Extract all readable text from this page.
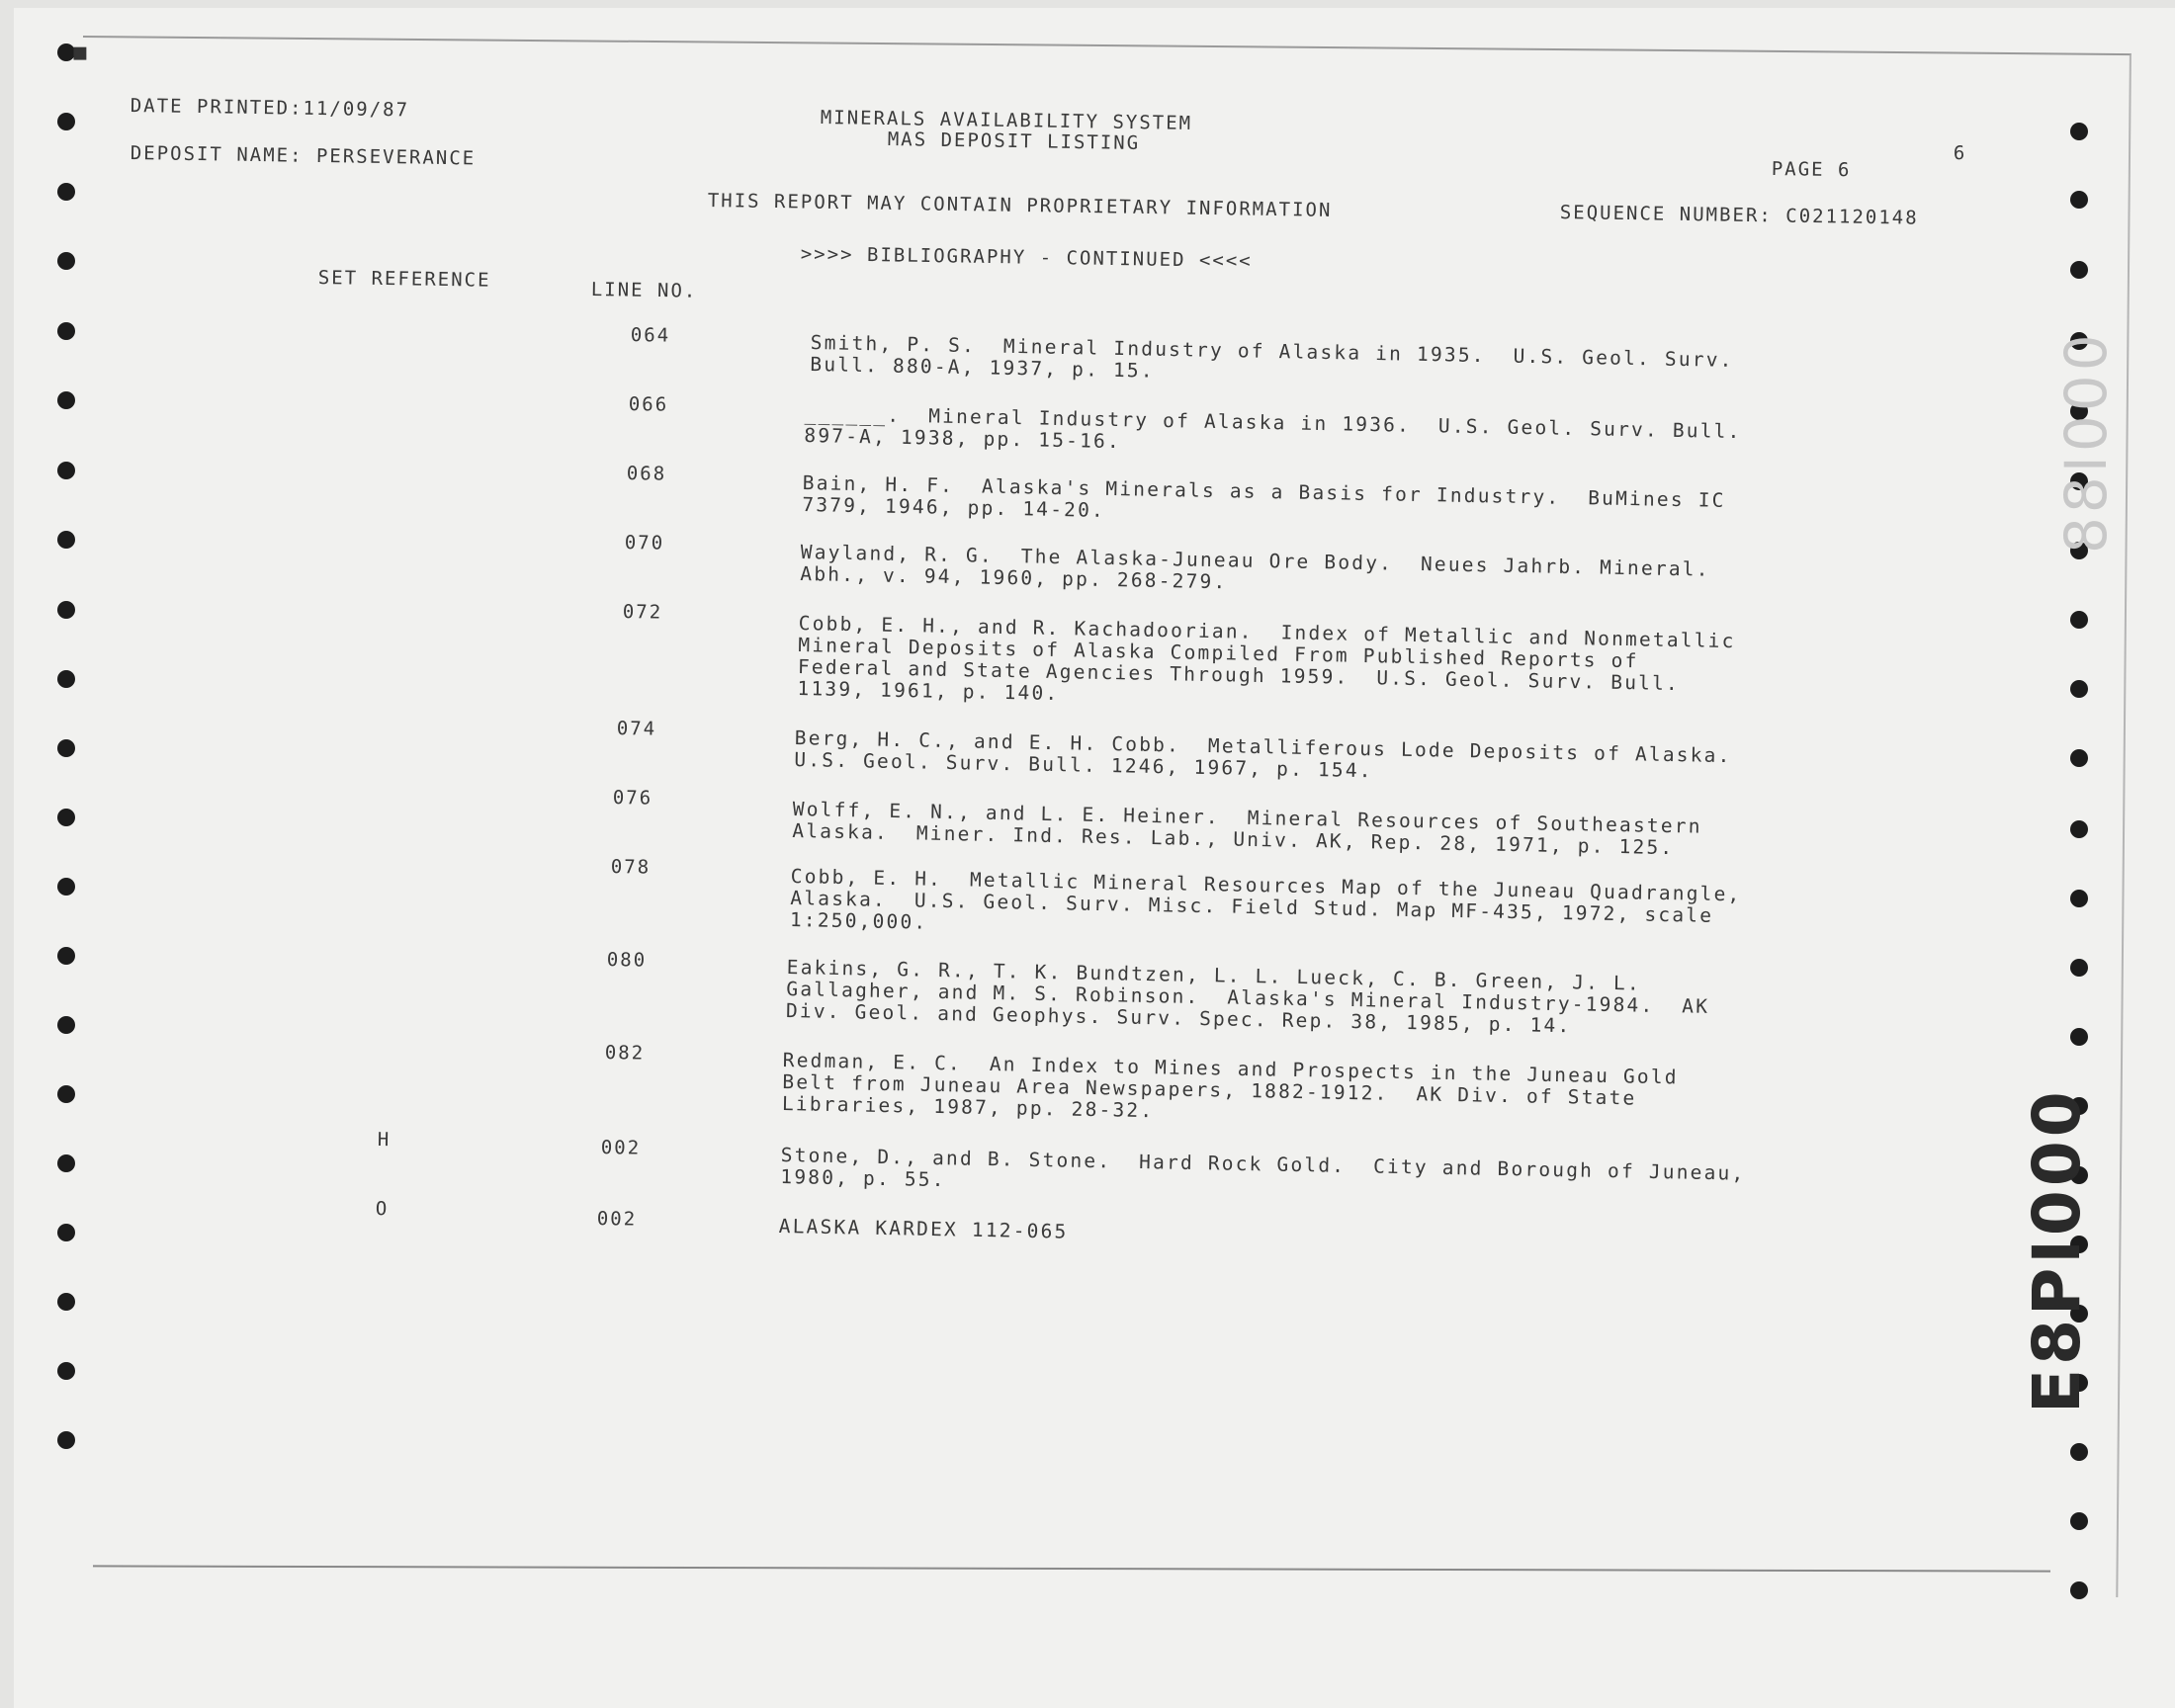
DATE PRINTED:11/09/87	MINERALS AVAILABILITY SYSTEM
MAS DEPOSIT LISTING
DEPOSIT NAME: PERSEVERANCE
PAGE 6
6
THIS REPORT MAY CONTAIN PROPRIETARY INFORMATION	SEQUENCE NUMBER: C021120148
>>>> BIBLIOGRAPHY - CONTINUED <<<<
SET REFERENCE	LINE NO.
064	Smith, P. S.  Mineral Industry of Alaska in 1935.  U.S. Geol. Surv.
Bull. 880-A, 1937, p. 15.
066	______.  Mineral Industry of Alaska in 1936.  U.S. Geol. Surv. Bull.
897-A, 1938, pp. 15-16.
068	Bain, H. F.  Alaska's Minerals as a Basis for Industry.  BuMines IC
7379, 1946, pp. 14-20.
070	Wayland, R. G.  The Alaska-Juneau Ore Body.  Neues Jahrb. Mineral.
Abh., v. 94, 1960, pp. 268-279.
072	Cobb, E. H., and R. Kachadoorian.  Index of Metallic and Nonmetallic
Mineral Deposits of Alaska Compiled From Published Reports of
Federal and State Agencies Through 1959.  U.S. Geol. Surv. Bull.
1139, 1961, p. 140.
074	Berg, H. C., and E. H. Cobb.  Metalliferous Lode Deposits of Alaska.
U.S. Geol. Surv. Bull. 1246, 1967, p. 154.
076	Wolff, E. N., and L. E. Heiner.  Mineral Resources of Southeastern
Alaska.  Miner. Ind. Res. Lab., Univ. AK, Rep. 28, 1971, p. 125.
078	Cobb, E. H.  Metallic Mineral Resources Map of the Juneau Quadrangle,
Alaska.  U.S. Geol. Surv. Misc. Field Stud. Map MF-435, 1972, scale
1:250,000.
080	Eakins, G. R., T. K. Bundtzen, L. L. Lueck, C. B. Green, J. L.
Gallagher, and M. S. Robinson.  Alaska's Mineral Industry-1984.  AK
Div. Geol. and Geophys. Surv. Spec. Rep. 38, 1985, p. 14.
082	Redman, E. C.  An Index to Mines and Prospects in the Juneau Gold
Belt from Juneau Area Newspapers, 1882-1912.  AK Div. of State
Libraries, 1987, pp. 28-32.
H	002	Stone, D., and B. Stone.  Hard Rock Gold.  City and Borough of Juneau,
1980, p. 55.
O	002	ALASKA KARDEX 112-065	E8PI000
88I000
▪
